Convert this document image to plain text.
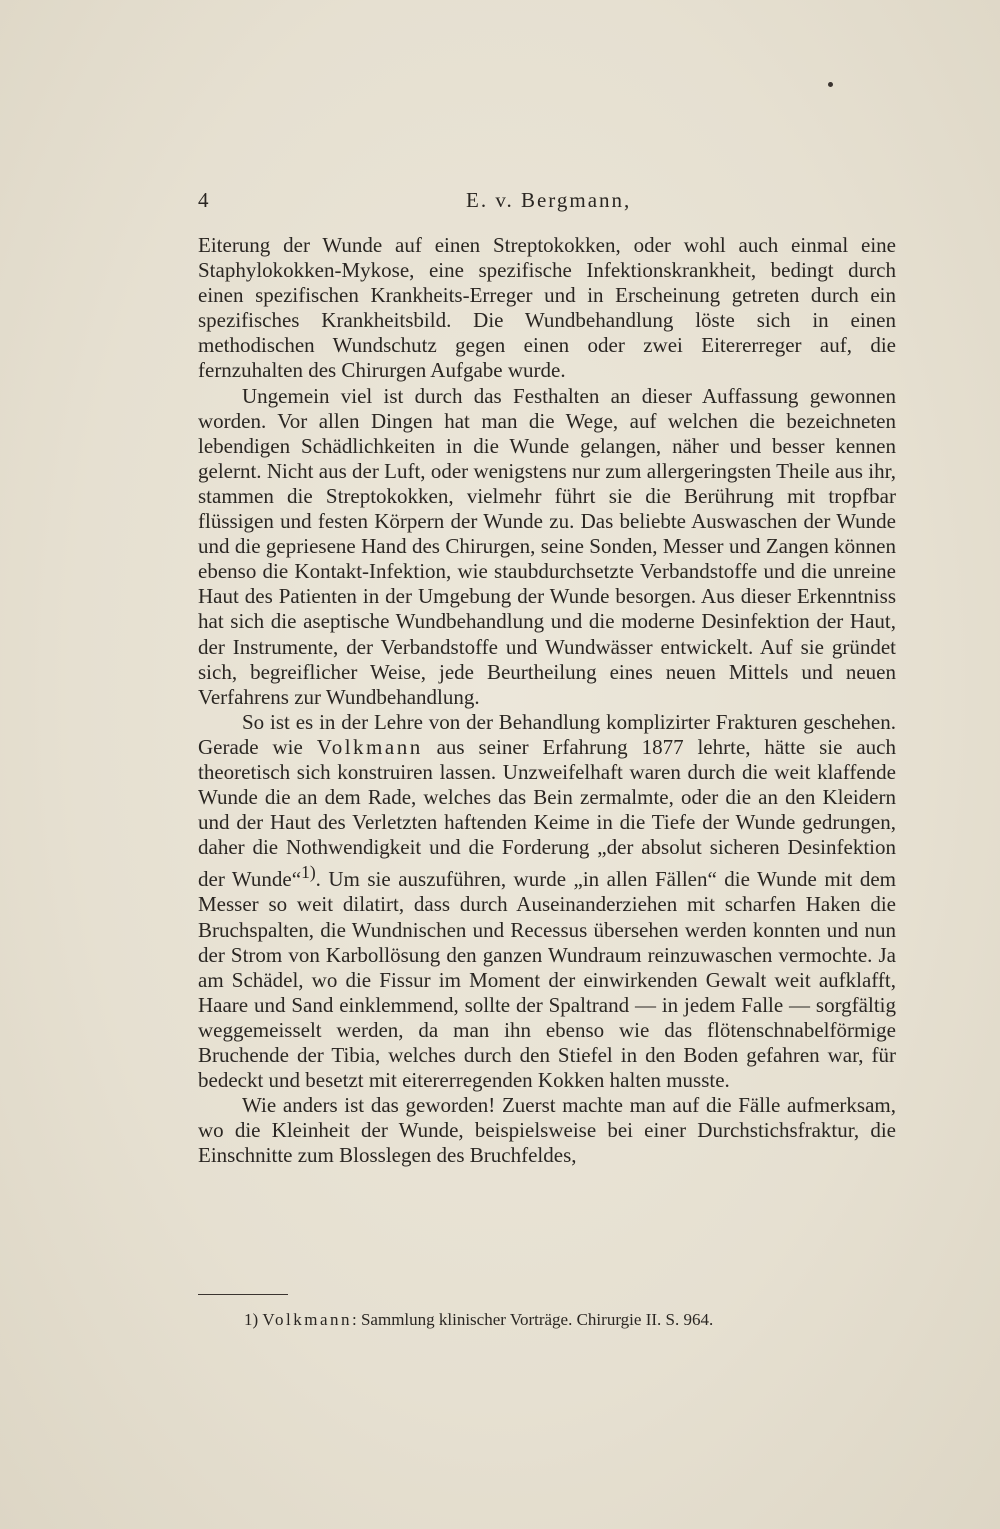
4	E. v. Bergmann,

Eiterung der Wunde auf einen Streptokokken, oder wohl auch einmal eine Staphylokokken-Mykose, eine spezifische Infektionskrankheit, bedingt durch einen spezifischen Krankheits-Erreger und in Erscheinung getreten durch ein spezifisches Krankheitsbild. Die Wundbehandlung löste sich in einen methodischen Wundschutz gegen einen oder zwei Eitererreger auf, die fernzuhalten des Chirurgen Aufgabe wurde.

Ungemein viel ist durch das Festhalten an dieser Auffassung gewonnen worden. Vor allen Dingen hat man die Wege, auf welchen die bezeichneten lebendigen Schädlichkeiten in die Wunde gelangen, näher und besser kennen gelernt. Nicht aus der Luft, oder wenigstens nur zum allergeringsten Theile aus ihr, stammen die Streptokokken, vielmehr führt sie die Berührung mit tropfbar flüssigen und festen Körpern der Wunde zu. Das beliebte Auswaschen der Wunde und die gepriesene Hand des Chirurgen, seine Sonden, Messer und Zangen können ebenso die Kontakt-Infektion, wie staubdurchsetzte Verbandstoffe und die unreine Haut des Patienten in der Umgebung der Wunde besorgen. Aus dieser Erkenntniss hat sich die aseptische Wundbehandlung und die moderne Desinfektion der Haut, der Instrumente, der Verbandstoffe und Wundwässer entwickelt. Auf sie gründet sich, begreiflicher Weise, jede Beurtheilung eines neuen Mittels und neuen Verfahrens zur Wundbehandlung.

So ist es in der Lehre von der Behandlung komplizirter Frakturen geschehen. Gerade wie Volkmann aus seiner Erfahrung 1877 lehrte, hätte sie auch theoretisch sich konstruiren lassen. Unzweifelhaft waren durch die weit klaffende Wunde die an dem Rade, welches das Bein zermalmte, oder die an den Kleidern und der Haut des Verletzten haftenden Keime in die Tiefe der Wunde gedrungen, daher die Nothwendigkeit und die Forderung „der absolut sicheren Desinfektion der Wunde“$^{1)}$. Um sie auszuführen, wurde „in allen Fällen“ die Wunde mit dem Messer so weit dilatirt, dass durch Auseinanderziehen mit scharfen Haken die Bruchspalten, die Wundnischen und Recessus übersehen werden konnten und nun der Strom von Karbollösung den ganzen Wundraum reinzuwaschen vermochte. Ja am Schädel, wo die Fissur im Moment der einwirkenden Gewalt weit aufklafft, Haare und Sand einklemmend, sollte der Spaltrand — in jedem Falle — sorgfältig weggemeisselt werden, da man ihn ebenso wie das flötenschnabelförmige Bruchende der Tibia, welches durch den Stiefel in den Boden gefahren war, für bedeckt und besetzt mit eitererregenden Kokken halten musste.

Wie anders ist das geworden! Zuerst machte man auf die Fälle aufmerksam, wo die Kleinheit der Wunde, beispielsweise bei einer Durchstichsfraktur, die Einschnitte zum Blosslegen des Bruchfeldes,

1) Volkmann: Sammlung klinischer Vorträge. Chirurgie II. S. 964.
